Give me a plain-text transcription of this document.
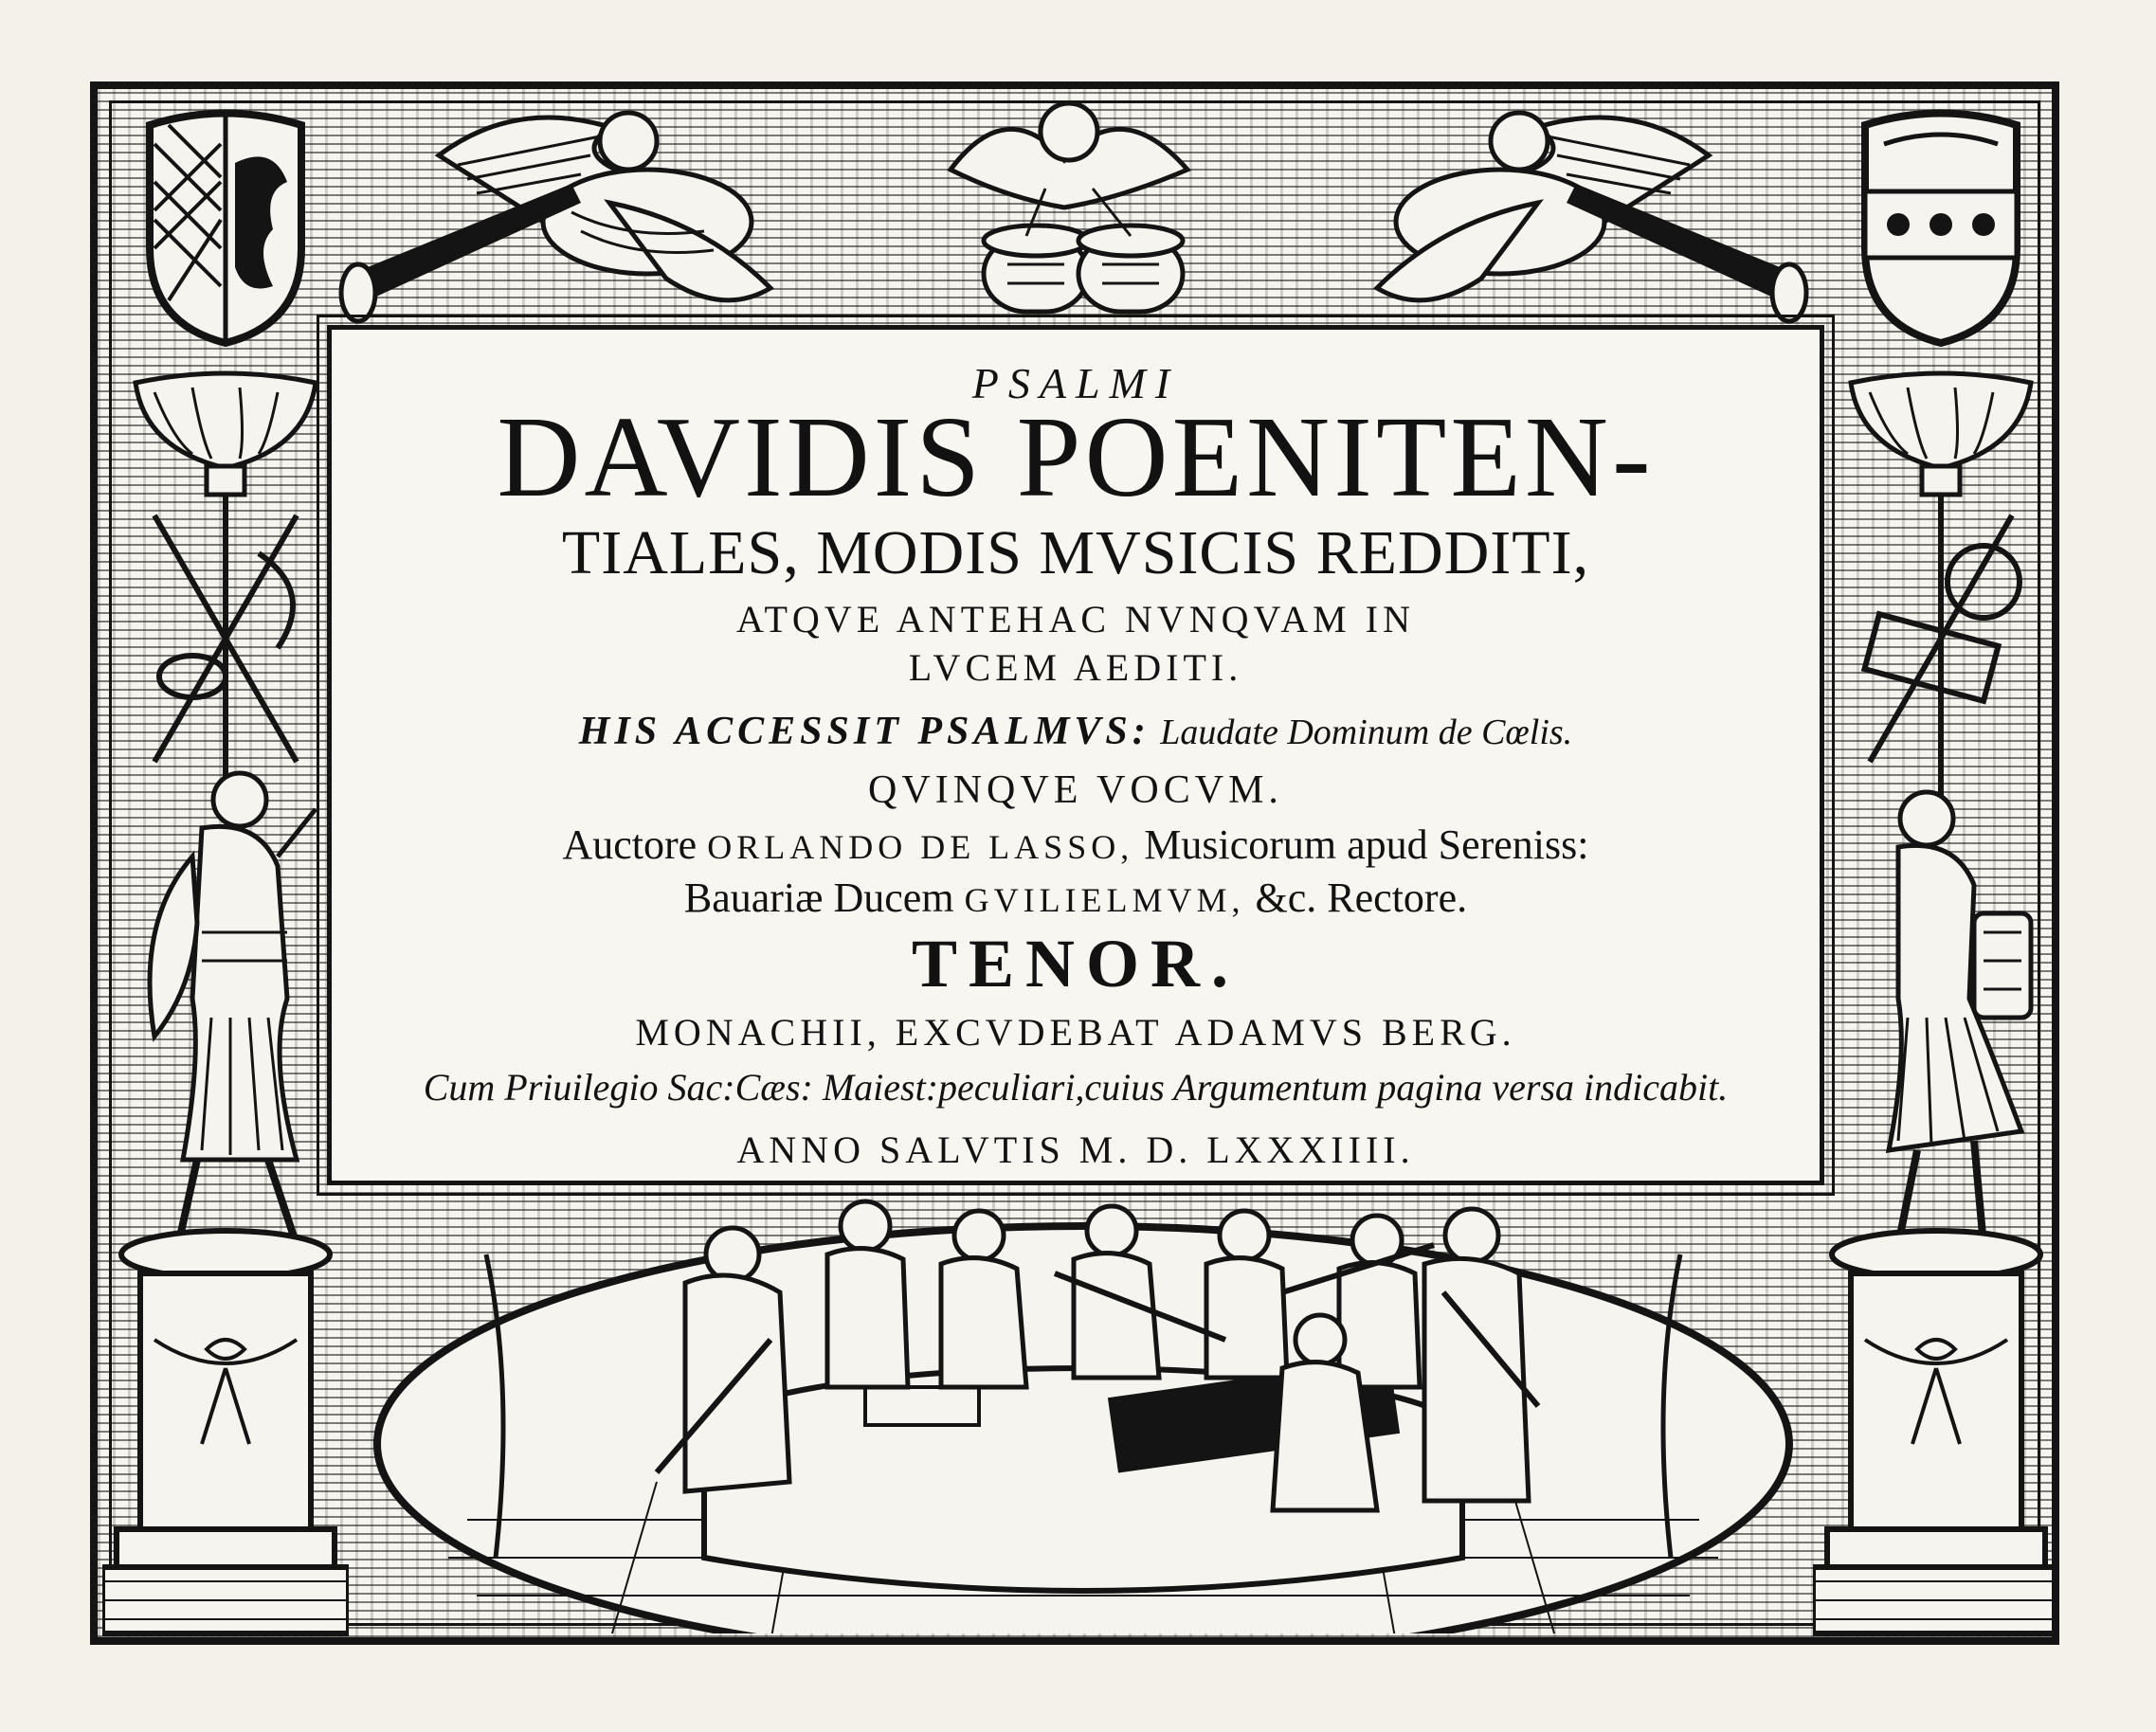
PSALMI
DAVIDIS POENITEN-
TIALES, MODIS MVSICIS REDDITI,
ATQVE ANTEHAC NVNQVAM IN
LVCEM AEDITI.
HIS ACCESSIT PSALMVS: Laudate Dominum de Cœlis.
QVINQVE VOCVM.
Auctore ORLANDO DE LASSO, Musicorum apud Sereniss:
Bauariæ Ducem GVILIELMVM, &c. Rectore.
TENOR.
MONACHII, EXCVDEBAT ADAMVS BERG.
Cum Priuilegio Sac:Cæs: Maiest:peculiari,cuius Argumentum pagina versa indicabit.
ANNO SALVTIS M. D. LXXXIIII.
